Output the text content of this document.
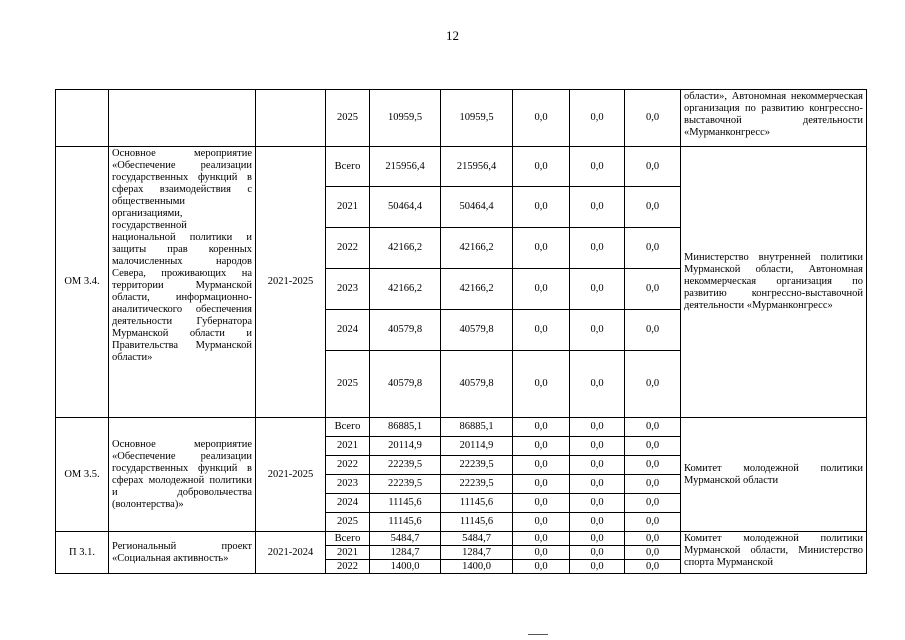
12
			2025	10959,5	10959,5	0,0	0,0	0,0	области», Автономная некоммерческая организация по развитию конгрессно-выставочной деятельности «Мурманконгресс»
ОМ 3.4.	Основное мероприятие «Обеспечение реализации государственных функций в сферах взаимодействия с общественными организациями, государственной национальной политики и защиты прав коренных малочисленных народов Севера, проживающих на территории Мурманской области, информационно-аналитического обеспечения деятельности Губернатора Мурманской области и Правительства Мурманской области»	2021-2025	Всего	215956,4	215956,4	0,0	0,0	0,0	Министерство внутренней политики Мурманской области, Автономная некоммерческая организация по развитию конгрессно-выставочной деятельности «Мурманконгресс»
			2021	50464,4	50464,4	0,0	0,0	0,0	
			2022	42166,2	42166,2	0,0	0,0	0,0	
			2023	42166,2	42166,2	0,0	0,0	0,0	
			2024	40579,8	40579,8	0,0	0,0	0,0	
			2025	40579,8	40579,8	0,0	0,0	0,0	
ОМ 3.5.	Основное мероприятие «Обеспечение реализации государственных функций в сферах молодежной политики и добровольчества (волонтерства)»	2021-2025	Всего	86885,1	86885,1	0,0	0,0	0,0	Комитет молодежной политики Мурманской области
			2021	20114,9	20114,9	0,0	0,0	0,0	
			2022	22239,5	22239,5	0,0	0,0	0,0	
			2023	22239,5	22239,5	0,0	0,0	0,0	
			2024	11145,6	11145,6	0,0	0,0	0,0	
			2025	11145,6	11145,6	0,0	0,0	0,0	
П 3.1.	Региональный проект «Социальная активность»	2021-2024	Всего	5484,7	5484,7	0,0	0,0	0,0	Комитет молодежной политики Мурманской области, Министерство спорта Мурманской
			2021	1284,7	1284,7	0,0	0,0	0,0	
			2022	1400,0	1400,0	0,0	0,0	0,0	
